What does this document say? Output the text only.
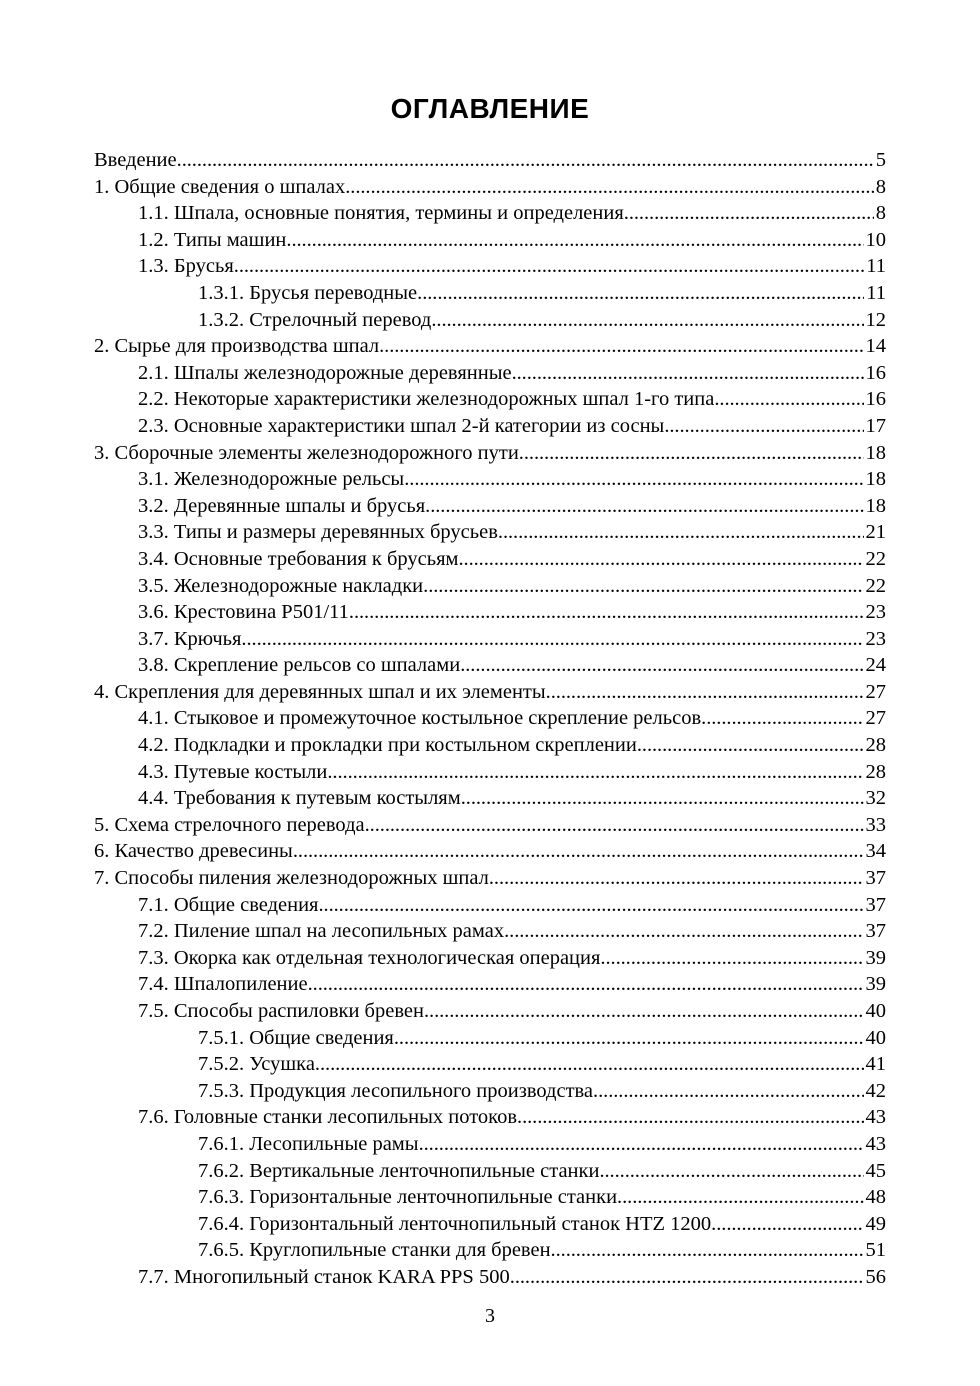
ОГЛАВЛЕНИЕ
Введение . . .	5
1. Общие сведения о шпалах . . .	8
1.1. Шпала, основные понятия, термины и определения . . .	8
1.2. Типы машин . . .	10
1.3. Брусья . . .	11
1.3.1. Брусья переводные . . .	11
1.3.2. Стрелочный перевод . . .	12
2. Сырье для производства шпал . . .	14
2.1. Шпалы железнодорожные деревянные . . .	16
2.2. Некоторые характеристики железнодорожных шпал 1-го типа . . .	16
2.3. Основные характеристики шпал 2-й категории из сосны . . .	17
3. Сборочные элементы железнодорожного пути . . .	18
3.1. Железнодорожные рельсы . . .	18
3.2. Деревянные шпалы и брусья . . .	18
3.3. Типы и размеры деревянных брусьев . . .	21
3.4. Основные требования к брусьям . . .	22
3.5. Железнодорожные накладки . . .	22
3.6. Крестовина Р501/11 . . .	23
3.7. Крючья . . .	23
3.8. Скрепление рельсов со шпалами . . .	24
4. Скрепления для деревянных шпал и их элементы . . .	27
4.1. Стыковое и промежуточное костыльное скрепление рельсов . . .	27
4.2. Подкладки и прокладки при костыльном скреплении . . .	28
4.3. Путевые костыли . . .	28
4.4. Требования к путевым костылям . . .	32
5. Схема стрелочного перевода . . .	33
6. Качество древесины . . .	34
7. Способы пиления железнодорожных шпал . . .	37
7.1. Общие сведения . . .	37
7.2. Пиление шпал на лесопильных рамах . . .	37
7.3. Окорка как отдельная технологическая операция . . .	39
7.4. Шпалопиление . . .	39
7.5. Способы распиловки бревен . . .	40
7.5.1. Общие сведения . . .	40
7.5.2. Усушка . . .	41
7.5.3. Продукция лесопильного производства . . .	42
7.6. Головные станки лесопильных потоков . . .	43
7.6.1. Лесопильные рамы . . .	43
7.6.2. Вертикальные ленточнопильные станки . . .	45
7.6.3. Горизонтальные ленточнопильные станки . . .	48
7.6.4. Горизонтальный ленточнопильный станок HTZ 1200 . . .	49
7.6.5. Круглопильные станки для бревен . . .	51
7.7. Многопильный станок KARA PPS 500. . . .	56
3
